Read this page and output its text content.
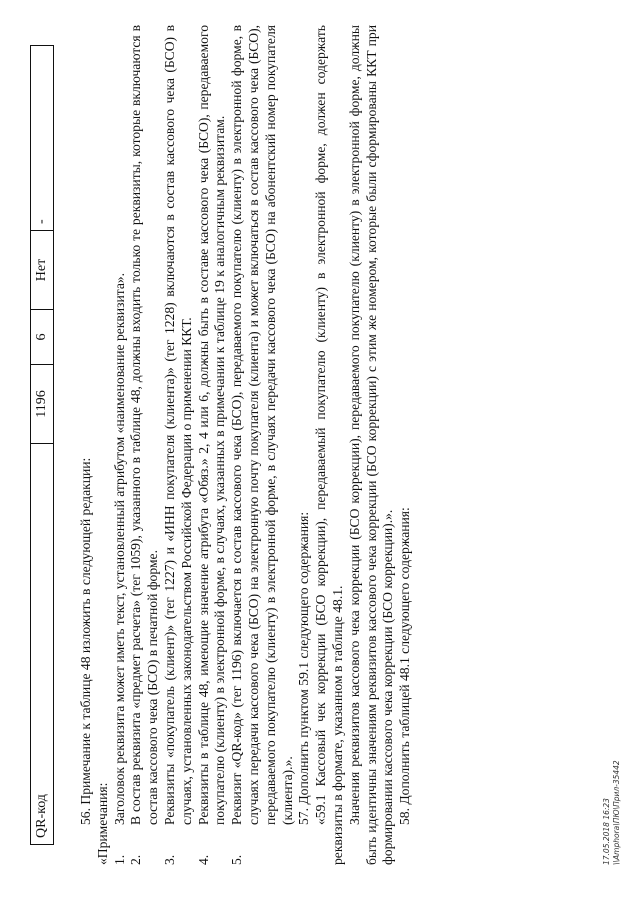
QR-код	1196	6	Нет	-

56. Примечание к таблице 48 изложить в следующей редакции: «Примечания: 1.
Заголовок реквизита может иметь текст, установленный атрибутом «наименование реквизита».
2.
В состав реквизита «предмет расчета» (тег 1059), указанного в таблице 48, должны входить только те реквизиты, которые включаются в состав кассового чека (БСО) в печатной форме.
3.
Реквизиты «покупатель (клиент)» (тег 1227) и «ИНН покупателя (клиента)» (тег 1228) включаются в состав кассового чека (БСО) в случаях, установленных законодательством Российской Федерации о применении ККТ.
4.
Реквизиты в таблице 48, имеющие значение атрибута «Обяз.» 2, 4 или 6, должны быть в составе кассового чека (БСО), передаваемого покупателю (клиенту) в электронной форме, в случаях, указанных в примечании к таблице 19 к аналогичным реквизитам.
5.
Реквизит «QR-код» (тег 1196) включается в состав кассового чека (БСО), передаваемого покупателю (клиенту) в электронной форме, в случаях передачи кассового чека (БСО) на электронную почту покупателя (клиента) и может включаться в состав кассового чека (БСО), передаваемого покупателю (клиенту) в электронной форме, в случаях передачи кассового чека (БСО) на абонентский номер покупателя (клиента).». 57. Дополнить пунктом 59.1 следующего содержания: «59.1 Кассовый чек коррекции (БСО коррекции), передаваемый покупателю (клиенту) в электронной форме, должен содержать реквизиты в формате, указанном в таблице 48.1. Значения реквизитов кассового чека коррекции (БСО коррекции), передаваемого покупателю (клиенту) в электронной форме, должны быть идентичны значениям реквизитов кассового чека коррекции (БСО коррекции) с этим же номером, которые были сформированы ККТ при формировании кассового чека коррекции (БСО коррекции).». 58. Дополнить таблицей 48.1 следующего содержания:

17.05.2018 16:23 \\Amphora\ПЮ\Прил-35442
